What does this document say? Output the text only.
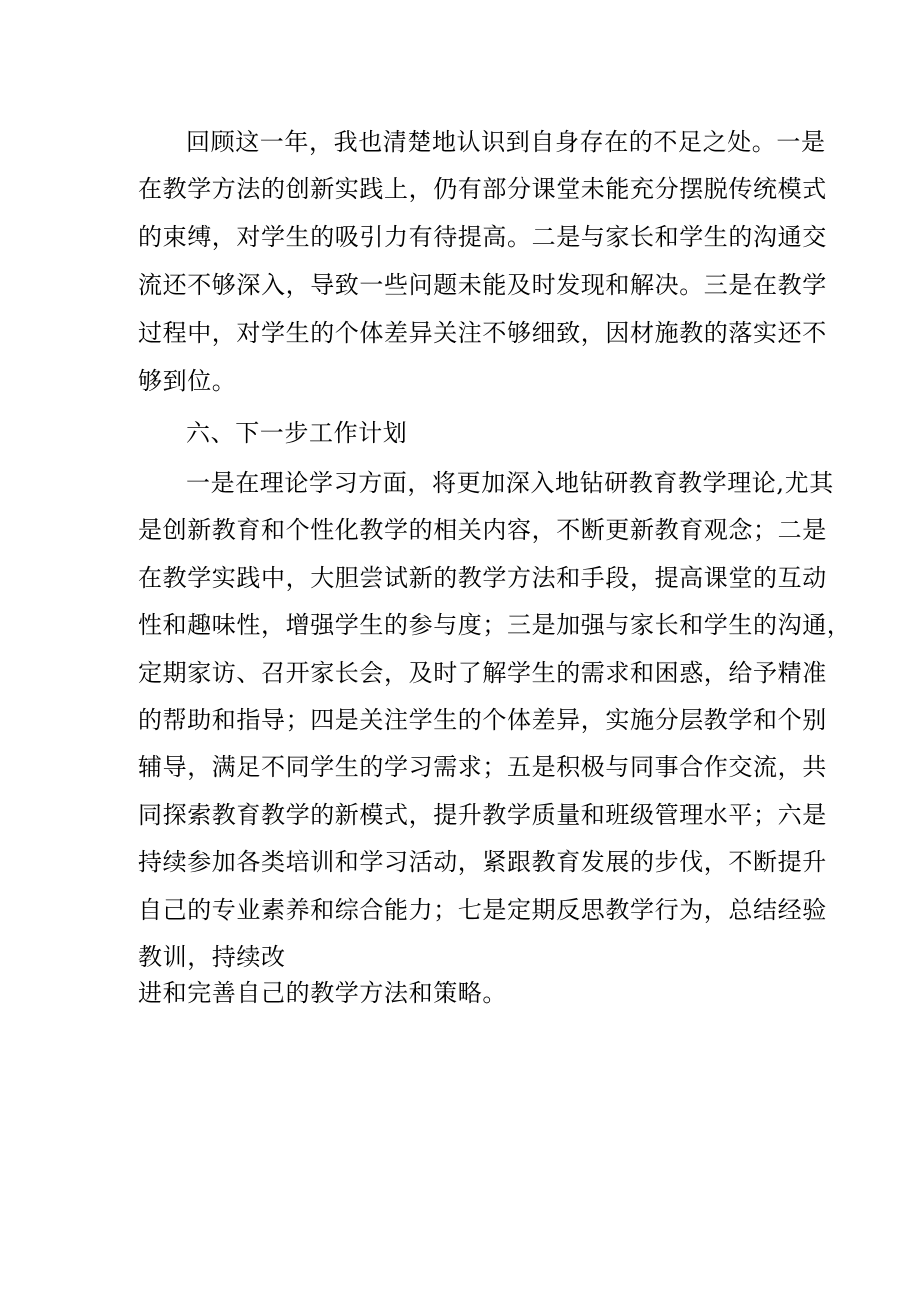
回顾这一年，我也清楚地认识到自身存在的不足之处。一是
在教学方法的创新实践上，仍有部分课堂未能充分摆脱传统模式
的束缚，对学生的吸引力有待提高。二是与家长和学生的沟通交
流还不够深入，导致一些问题未能及时发现和解决。三是在教学
过程中，对学生的个体差异关注不够细致，因材施教的落实还不
够到位。
六、下一步工作计划
一是在理论学习方面，将更加深入地钻研教育教学理论,尤其
是创新教育和个性化教学的相关内容，不断更新教育观念；二是
在教学实践中，大胆尝试新的教学方法和手段，提高课堂的互动
性和趣味性，增强学生的参与度；三是加强与家长和学生的沟通，
定期家访、召开家长会，及时了解学生的需求和困惑，给予精准
的帮助和指导；四是关注学生的个体差异，实施分层教学和个别
辅导，满足不同学生的学习需求；五是积极与同事合作交流，共
同探索教育教学的新模式，提升教学质量和班级管理水平；六是
持续参加各类培训和学习活动，紧跟教育发展的步伐，不断提升
自己的专业素养和综合能力；七是定期反思教学行为，总结经验
教训，持续改
进和完善自己的教学方法和策略。
